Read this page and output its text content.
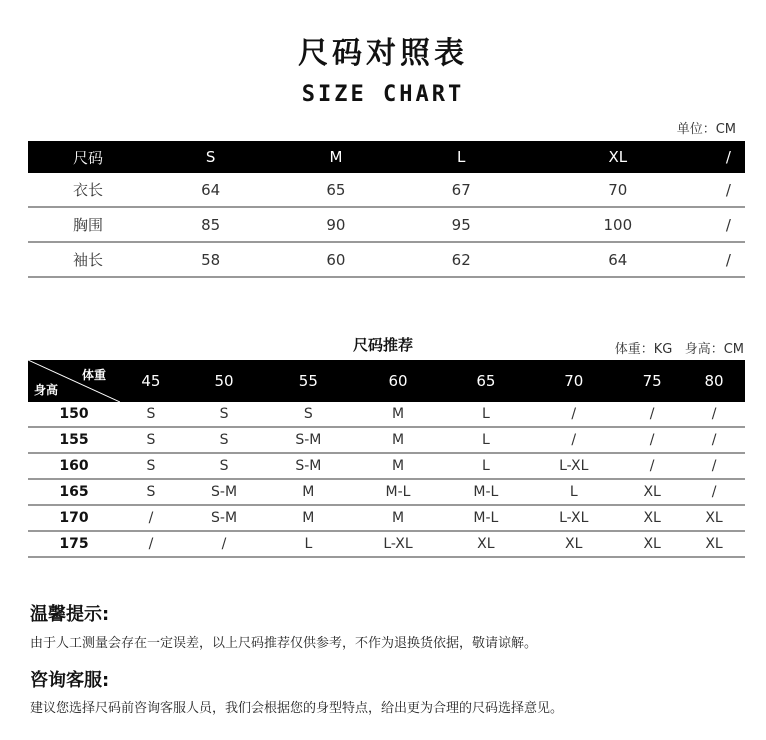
尺码对照表
SIZE CHART
单位：CM
尺码	S	M	L	XL	/
衣长	64	65	67	70	/
胸围	85	90	95	100	/
袖长	58	60	62	64	/
尺码推荐	体重：KG   身高：CM
体重
身高	45	50	55	60	65	70	75	80
150	S	S	S	M	L	/	/	/
155	S	S	S-M	M	L	/	/	/
160	S	S	S-M	M	L	L-XL	/	/
165	S	S-M	M	M-L	M-L	L	XL	/
170	/	S-M	M	M	M-L	L-XL	XL	XL
175	/	/	L	L-XL	XL	XL	XL	XL
温馨提示:
由于人工测量会存在一定误差，以上尺码推荐仅供参考，不作为退换货依据，敬请谅解。
咨询客服:
建议您选择尺码前咨询客服人员，我们会根据您的身型特点，给出更为合理的尺码选择意见。
